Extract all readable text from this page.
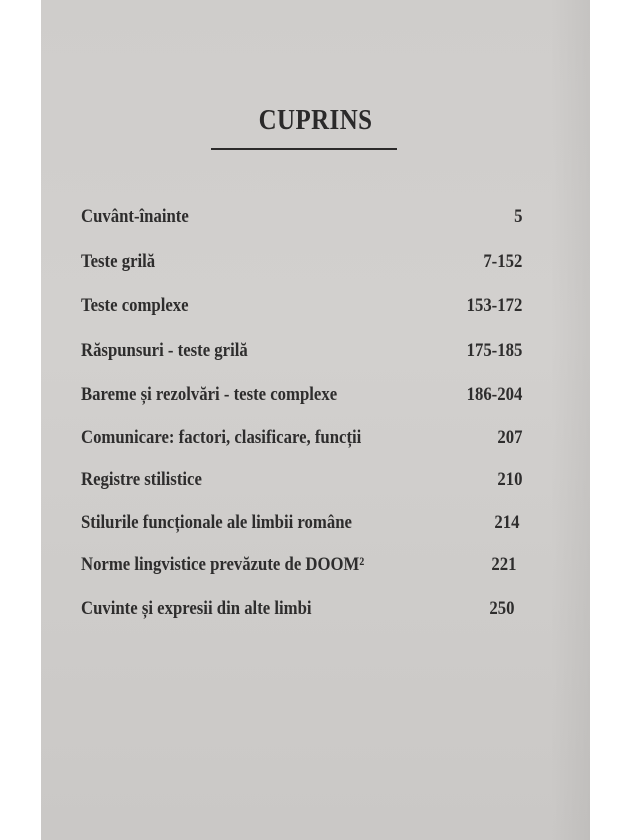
CUPRINS
Cuvânt-înainte	5
Teste grilă	7-152
Teste complexe	153-172
Răspunsuri - teste grilă	175-185
Bareme și rezolvări - teste complexe	186-204
Comunicare: factori, clasificare, funcții	207
Registre stilistice	210
Stilurile funcționale ale limbii române	214
Norme lingvistice prevăzute de DOOM²	221
Cuvinte și expresii din alte limbi	250
